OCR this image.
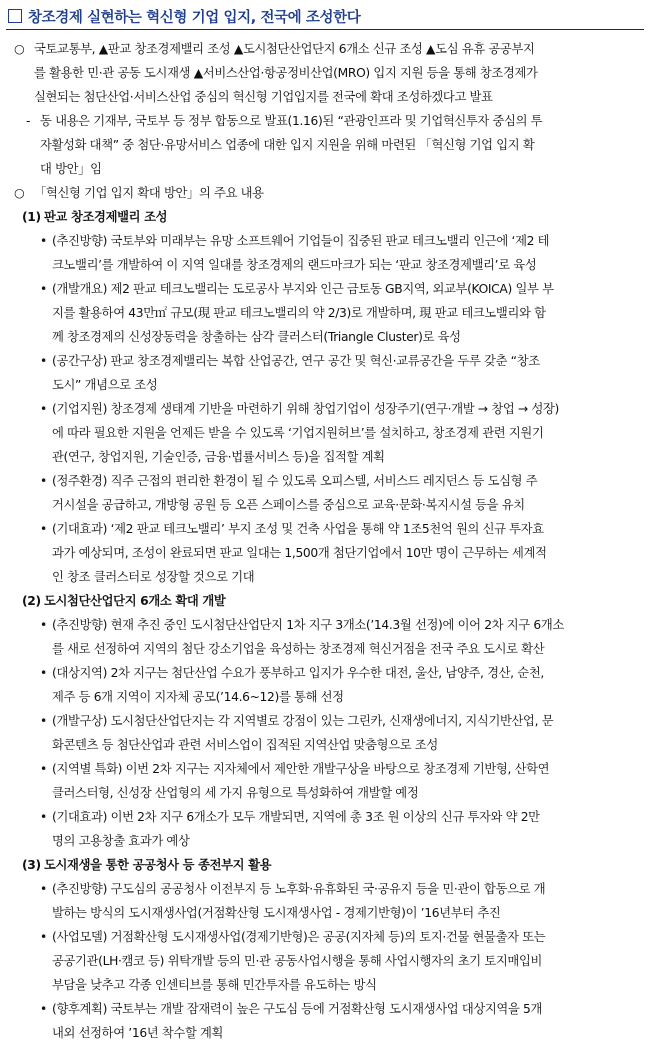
창조경제 실현하는 혁신형 기업 입지, 전국에 조성한다

○ 국토교통부, ▲판교 창조경제밸리 조성 ▲도시첨단산업단지 6개소 신규 조성 ▲도심 유휴 공공부지

를 활용한 민·관 공동 도시재생 ▲서비스산업·항공정비산업(MRO) 입지 지원 등을 통해 창조경제가

실현되는 첨단산업·서비스산업 중심의 혁신형 기업입지를 전국에 확대 조성하겠다고 발표

- 동 내용은 기재부, 국토부 등 정부 합동으로 발표(1.16)된 “관광인프라 및 기업혁신투자 중심의 투

자활성화 대책” 중 첨단·유망서비스 업종에 대한 입지 지원을 위해 마련된 「혁신형 기업 입지 확

대 방안」임

○ 「혁신형 기업 입지 확대 방안」의 주요 내용

(1) 판교 창조경제밸리 조성

• (추진방향) 국토부와 미래부는 유망 소프트웨어 기업들이 집중된 판교 테크노밸리 인근에 ‘제2 테

크노밸리’를 개발하여 이 지역 일대를 창조경제의 랜드마크가 되는 ‘판교 창조경제밸리’로 육성

• (개발개요) 제2 판교 테크노밸리는 도로공사 부지와 인근 금토동 GB지역, 외교부(KOICA) 일부 부

지를 활용하여 43만㎡ 규모(現 판교 테크노밸리의 약 2/3)로 개발하며, 現 판교 테크노밸리와 함

께 창조경제의 신성장동력을 창출하는 삼각 클러스터(Triangle Cluster)로 육성

• (공간구상) 판교 창조경제밸리는 복합 산업공간, 연구 공간 및 혁신·교류공간을 두루 갖춘 “창조

도시” 개념으로 조성

• (기업지원) 창조경제 생태계 기반을 마련하기 위해 창업기업이 성장주기(연구·개발 → 창업 → 성장)

에 따라 필요한 지원을 언제든 받을 수 있도록 ‘기업지원허브’를 설치하고, 창조경제 관련 지원기

관(연구, 창업지원, 기술인증, 금융·법률서비스 등)을 집적할 계획

• (정주환경) 직주 근접의 편리한 환경이 될 수 있도록 오피스텔, 서비스드 레지던스 등 도심형 주

거시설을 공급하고, 개방형 공원 등 오픈 스페이스를 중심으로 교육·문화·복지시설 등을 유치

• (기대효과) ‘제2 판교 테크노밸리’ 부지 조성 및 건축 사업을 통해 약 1조5천억 원의 신규 투자효

과가 예상되며, 조성이 완료되면 판교 일대는 1,500개 첨단기업에서 10만 명이 근무하는 세계적

인 창조 클러스터로 성장할 것으로 기대

(2) 도시첨단산업단지 6개소 확대 개발

• (추진방향) 현재 추진 중인 도시첨단산업단지 1차 지구 3개소(’14.3월 선정)에 이어 2차 지구 6개소

를 새로 선정하여 지역의 첨단 강소기업을 육성하는 창조경제 혁신거점을 전국 주요 도시로 확산

• (대상지역) 2차 지구는 첨단산업 수요가 풍부하고 입지가 우수한 대전, 울산, 남양주, 경산, 순천,

제주 등 6개 지역이 지자체 공모(’14.6~12)를 통해 선정

• (개발구상) 도시첨단산업단지는 각 지역별로 강점이 있는 그린카, 신재생에너지, 지식기반산업, 문

화콘텐츠 등 첨단산업과 관련 서비스업이 집적된 지역산업 맞춤형으로 조성

• (지역별 특화) 이번 2차 지구는 지자체에서 제안한 개발구상을 바탕으로 창조경제 기반형, 산학연

클러스터형, 신성장 산업형의 세 가지 유형으로 특성화하여 개발할 예정

• (기대효과) 이번 2차 지구 6개소가 모두 개발되면, 지역에 총 3조 원 이상의 신규 투자와 약 2만

명의 고용창출 효과가 예상

(3) 도시재생을 통한 공공청사 등 종전부지 활용

• (추진방향) 구도심의 공공청사 이전부지 등 노후화·유휴화된 국·공유지 등을 민·관이 합동으로 개

발하는 방식의 도시재생사업(거점확산형 도시재생사업 - 경제기반형)이 ’16년부터 추진

• (사업모델) 거점확산형 도시재생사업(경제기반형)은 공공(지자체 등)의 토지·건물 현물출자 또는

공공기관(LH·캠코 등) 위탁개발 등의 민·관 공동사업시행을 통해 사업시행자의 초기 토지매입비

부담을 낮추고 각종 인센티브를 통해 민간투자를 유도하는 방식

• (향후계획) 국토부는 개발 잠재력이 높은 구도심 등에 거점확산형 도시재생사업 대상지역을 5개

내외 선정하여 ’16년 착수할 계획
